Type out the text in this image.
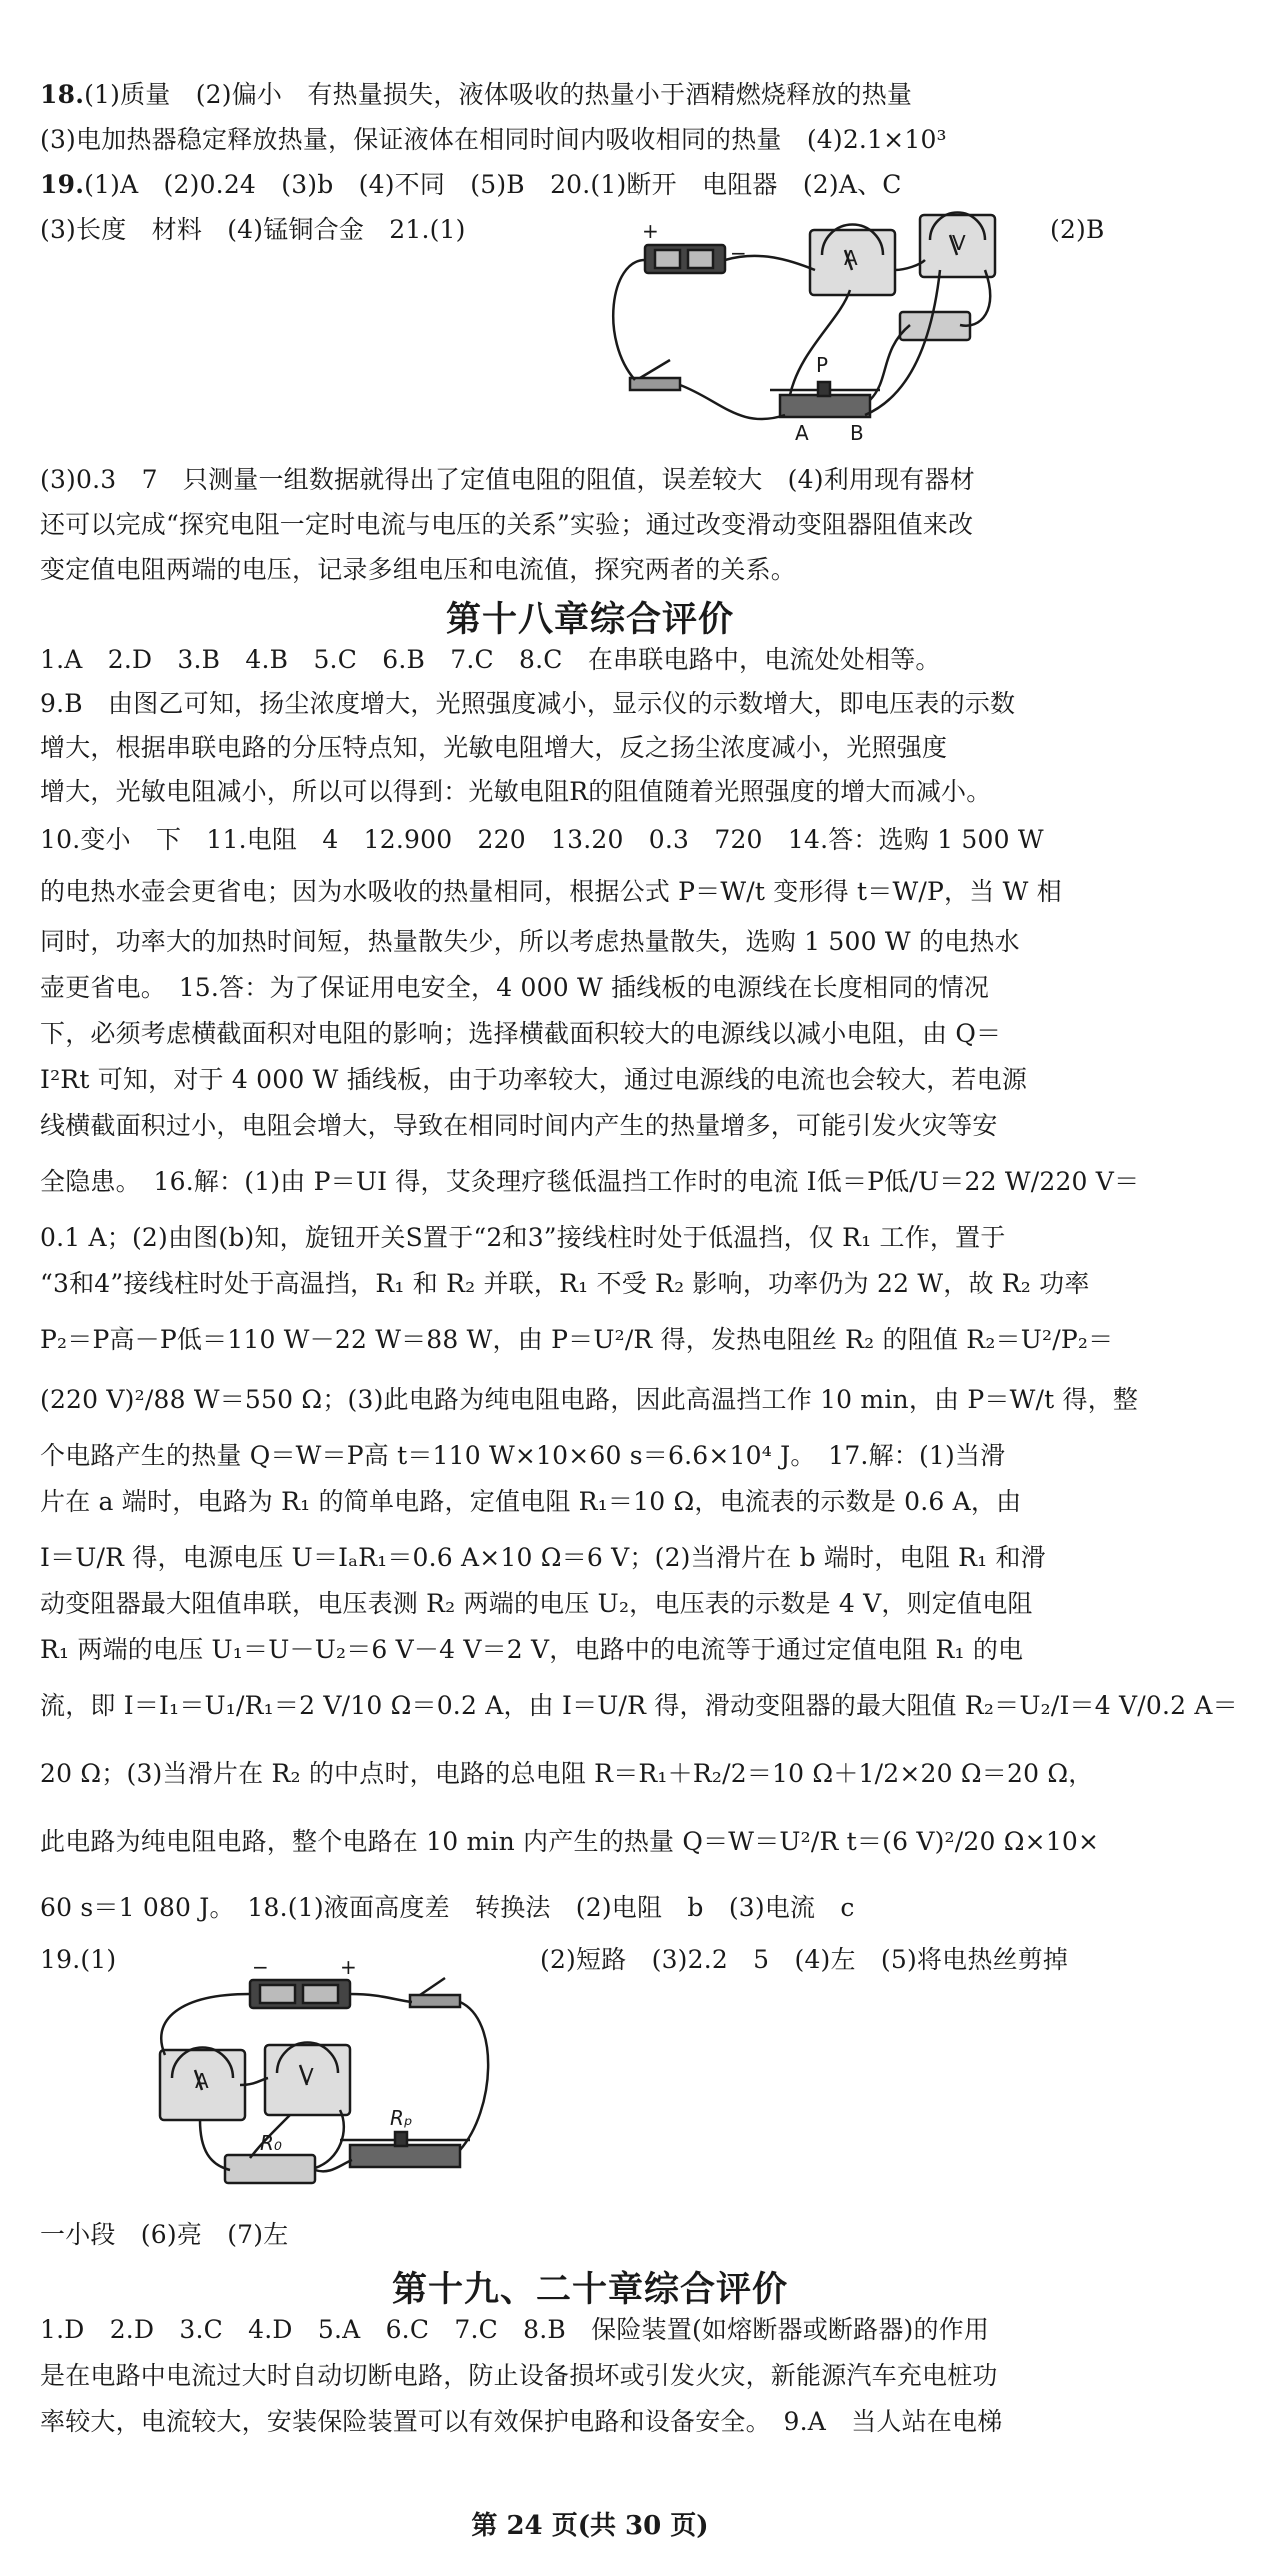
18.(1)质量　(2)偏小　有热量损失，液体吸收的热量小于酒精燃烧释放的热量
(3)电加热器稳定释放热量，保证液体在相同时间内吸收相同的热量　(4)2.1×10³
19.(1)A　(2)0.24　(3)b　(4)不同　(5)B　20.(1)断开　电阻器　(2)A、C
(3)长度　材料　(4)锰铜合金　21.(1)	(2)B
+
−	A
V
P
A B
(3)0.3　7　只测量一组数据就得出了定值电阻的阻值，误差较大　(4)利用现有器材
还可以完成“探究电阻一定时电流与电压的关系”实验；通过改变滑动变阻器阻值来改
变定值电阻两端的电压，记录多组电压和电流值，探究两者的关系。
第十八章综合评价
1.A　2.D　3.B　4.B　5.C　6.B　7.C　8.C　在串联电路中，电流处处相等。
9.B　由图乙可知，扬尘浓度增大，光照强度减小，显示仪的示数增大，即电压表的示数
增大，根据串联电路的分压特点知，光敏电阻增大，反之扬尘浓度减小，光照强度
增大，光敏电阻减小，所以可以得到：光敏电阻R的阻值随着光照强度的增大而减小。
10.变小　下　11.电阻　4　12.900　220　13.20　0.3　720　14.答：选购 1 500 W
的电热水壶会更省电；因为水吸收的热量相同，根据公式 P＝W/t 变形得 t＝W/P，当 W 相
同时，功率大的加热时间短，热量散失少，所以考虑热量散失，选购 1 500 W 的电热水
壶更省电。　15.答：为了保证用电安全，4 000 W 插线板的电源线在长度相同的情况
下，必须考虑横截面积对电阻的影响；选择横截面积较大的电源线以减小电阻，由 Q＝
I²Rt 可知，对于 4 000 W 插线板，由于功率较大，通过电源线的电流也会较大，若电源
线横截面积过小，电阻会增大，导致在相同时间内产生的热量增多，可能引发火灾等安
全隐患。　16.解：(1)由 P＝UI 得，艾灸理疗毯低温挡工作时的电流 I低＝P低/U＝22 W/220 V＝
0.1 A；(2)由图(b)知，旋钮开关S置于“2和3”接线柱时处于低温挡，仅 R₁ 工作，置于
“3和4”接线柱时处于高温挡，R₁ 和 R₂ 并联，R₁ 不受 R₂ 影响，功率仍为 22 W，故 R₂ 功率
P₂＝P高－P低＝110 W－22 W＝88 W，由 P＝U²/R 得，发热电阻丝 R₂ 的阻值 R₂＝U²/P₂＝
(220 V)²/88 W＝550 Ω；(3)此电路为纯电阻电路，因此高温挡工作 10 min，由 P＝W/t 得，整
个电路产生的热量 Q＝W＝P高 t＝110 W×10×60 s＝6.6×10⁴ J。　17.解：(1)当滑
片在 a 端时，电路为 R₁ 的简单电路，定值电阻 R₁＝10 Ω，电流表的示数是 0.6 A，由
I＝U/R 得，电源电压 U＝IₐR₁＝0.6 A×10 Ω＝6 V；(2)当滑片在 b 端时，电阻 R₁ 和滑
动变阻器最大阻值串联，电压表测 R₂ 两端的电压 U₂，电压表的示数是 4 V，则定值电阻
R₁ 两端的电压 U₁＝U－U₂＝6 V－4 V＝2 V，电路中的电流等于通过定值电阻 R₁ 的电
流，即 I＝I₁＝U₁/R₁＝2 V/10 Ω＝0.2 A，由 I＝U/R 得，滑动变阻器的最大阻值 R₂＝U₂/I＝4 V/0.2 A＝
20 Ω；(3)当滑片在 R₂ 的中点时，电路的总电阻 R＝R₁＋R₂/2＝10 Ω＋1/2×20 Ω＝20 Ω，
此电路为纯电阻电路，整个电路在 10 min 内产生的热量 Q＝W＝U²/R t＝(6 V)²/20 Ω×10×
60 s＝1 080 J。　18.(1)液面高度差　转换法　(2)电阻　b　(3)电流　c
19.(1)	(2)短路　(3)2.2　5　(4)左　(5)将电热丝剪掉
−	+
A	V
R₀
Rₚ
一小段　(6)亮　(7)左
第十九、二十章综合评价
1.D　2.D　3.C　4.D　5.A　6.C　7.C　8.B　保险装置(如熔断器或断路器)的作用
是在电路中电流过大时自动切断电路，防止设备损坏或引发火灾，新能源汽车充电桩功
率较大，电流较大，安装保险装置可以有效保护电路和设备安全。　9.A　当人站在电梯
第 24 页(共 30 页)
